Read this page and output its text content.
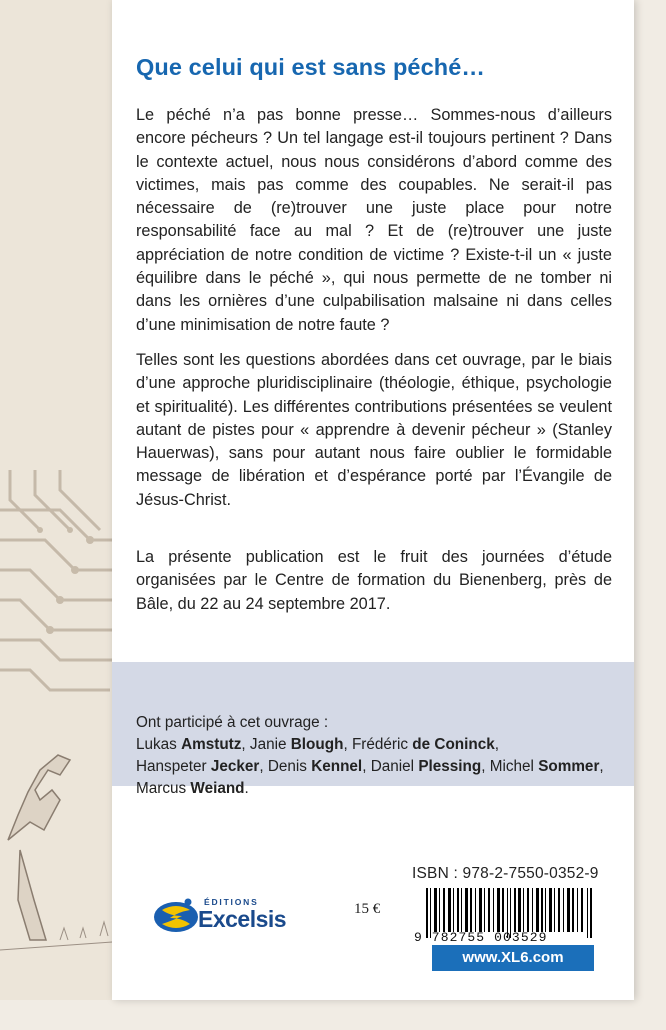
Que celui qui est sans péché…

Le péché n’a pas bonne presse… Sommes-nous d’ailleurs encore pécheurs ? Un tel langage est-il toujours pertinent ? Dans le contexte actuel, nous nous considérons d’abord comme des victimes, mais pas comme des coupables. Ne serait-il pas nécessaire de (re)trouver une juste place pour notre responsabilité face au mal ? Et de (re)trouver une juste appréciation de notre condition de victime ? Existe-t-il un « juste équilibre dans le péché », qui nous permette de ne tomber ni dans les ornières d’une culpabilisation malsaine ni dans celles d’une minimisation de notre faute ?

Telles sont les questions abordées dans cet ouvrage, par le biais d’une approche pluridisciplinaire (théologie, éthique, psychologie et spiritualité). Les différentes contributions présentées se veulent autant de pistes pour « apprendre à devenir pécheur » (Stanley Hauerwas), sans pour autant nous faire oublier le formidable message de libération et d’espérance porté par l’Évangile de Jésus-Christ.

La présente publication est le fruit des journées d’étude organisées par le Centre de formation du Bienenberg, près de Bâle, du 22 au 24 septembre 2017.

Ont participé à cet ouvrage :
Lukas Amstutz, Janie Blough, Frédéric de Coninck,
Hanspeter Jecker, Denis Kennel, Daniel Plessing, Michel Sommer,
Marcus Weiand.
ÉDITIONS
Excelsis	15 €
ISBN : 978-2-7550-0352-9
9 782755 003529
www.XL6.com
